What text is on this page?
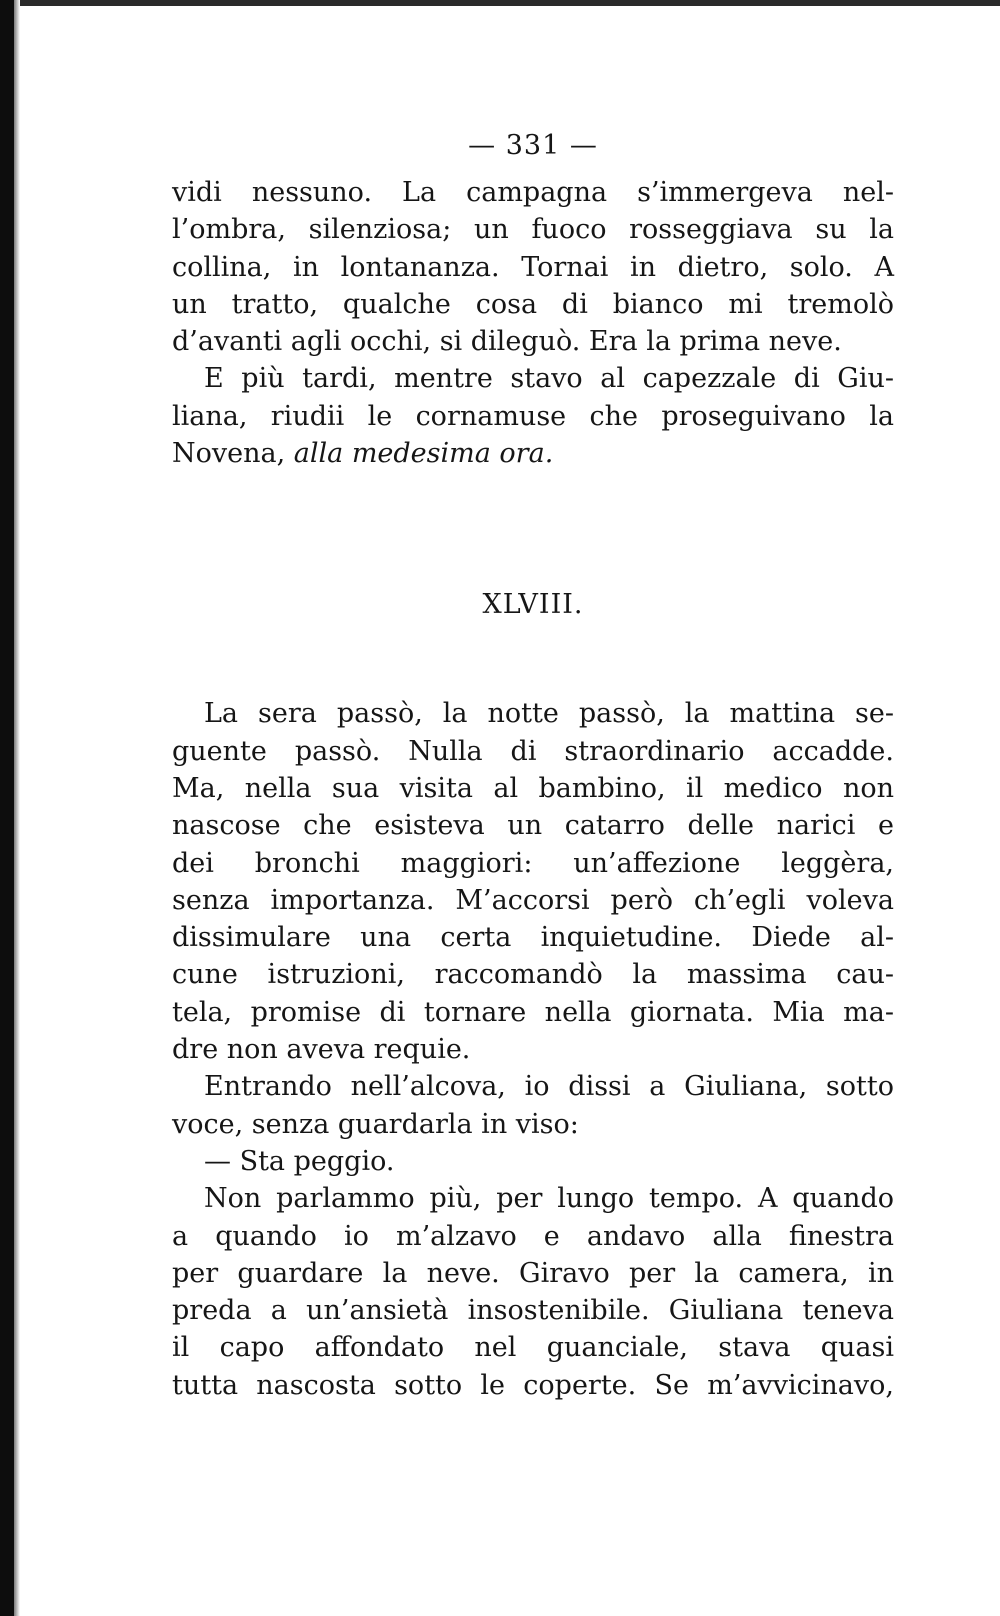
— 331 —

vidi nessuno. La campagna s’immergeva nel-
l’ombra, silenziosa; un fuoco rosseggiava su la
collina, in lontananza. Tornai in dietro, solo. A
un tratto, qualche cosa di bianco mi tremolò
d’avanti agli occhi, si dileguò. Era la prima neve.

E più tardi, mentre stavo al capezzale di Giu-
liana, riudii le cornamuse che proseguivano la
Novena, alla medesima ora.

XLVIII.

La sera passò, la notte passò, la mattina se-
guente passò. Nulla di straordinario accadde.
Ma, nella sua visita al bambino, il medico non
nascose che esisteva un catarro delle narici e
dei bronchi maggiori: un’affezione leggèra,
senza importanza. M’accorsi però ch’egli voleva
dissimulare una certa inquietudine. Diede al-
cune istruzioni, raccomandò la massima cau-
tela, promise di tornare nella giornata. Mia ma-
dre non aveva requie.

Entrando nell’alcova, io dissi a Giuliana, sotto
voce, senza guardarla in viso:

— Sta peggio.

Non parlammo più, per lungo tempo. A quando
a quando io m’alzavo e andavo alla finestra
per guardare la neve. Giravo per la camera, in
preda a un’ansietà insostenibile. Giuliana teneva
il capo affondato nel guanciale, stava quasi
tutta nascosta sotto le coperte. Se m’avvicinavo,
